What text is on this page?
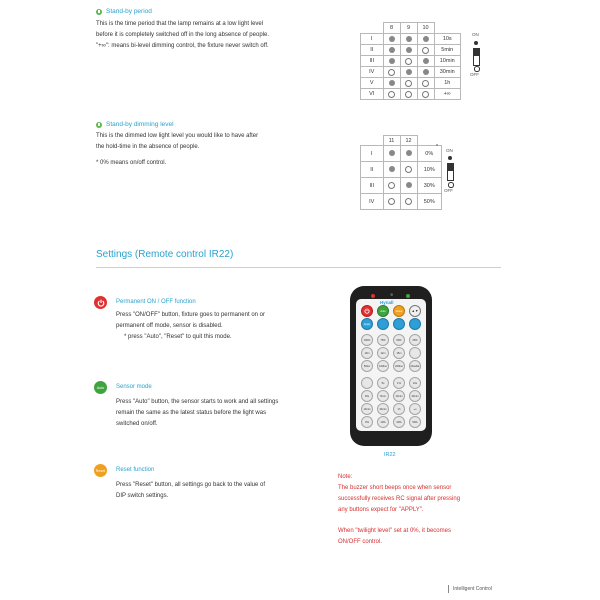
Stand-by period
This is the time period that the lamp remains at a low light level
before it is completely switched off in the long absence of people.
"+∞": means bi-level dimming control, the fixture never switch off.
	8	9	10	
I				10s
II				5min
III				10min
IV				30min
V				1h
VI				+∞
ON
OFF
Stand-by dimming level
This is the dimmed low light level you would like to have after
the hold-time in the absence of people.
* 0% means on/off control.
	11	12	
I			0%
*

II			10%

III			30%

IV			50%
ON
OFF
Settings (Remote control IR22)
Permanent ON / OFF function
Press "ON/OFF" button, fixture goes to permanent on or
permanent off mode, sensor is disabled.
* press "Auto", "Reset" to quit this mode.
Auto Sensor mode
Press "Auto" button, the sensor starts to work and all settings
remain the same as the latest status before the light was
switched on/off.
Reset Reset function
Press "Reset" button, all settings go back to the value of
DIP switch settings.
≋
Hynall
Auto	Reset	▲▼
Apply
100%	75%	50%	25%
10m	12m	15m
50lux	100lux	200lux	Disable
5s	1%	10s
30s	5min	10min	30min
10min	30min	1h	+∞
0%	10%	30%	50%
IR22
Note:
The buzzer short beeps once when sensor
successfully receives RC signal after pressing
any buttons expect for "APPLY".
When "twilight level" set at 0%, it becomes
ON/OFF control.
Intelligent Control
